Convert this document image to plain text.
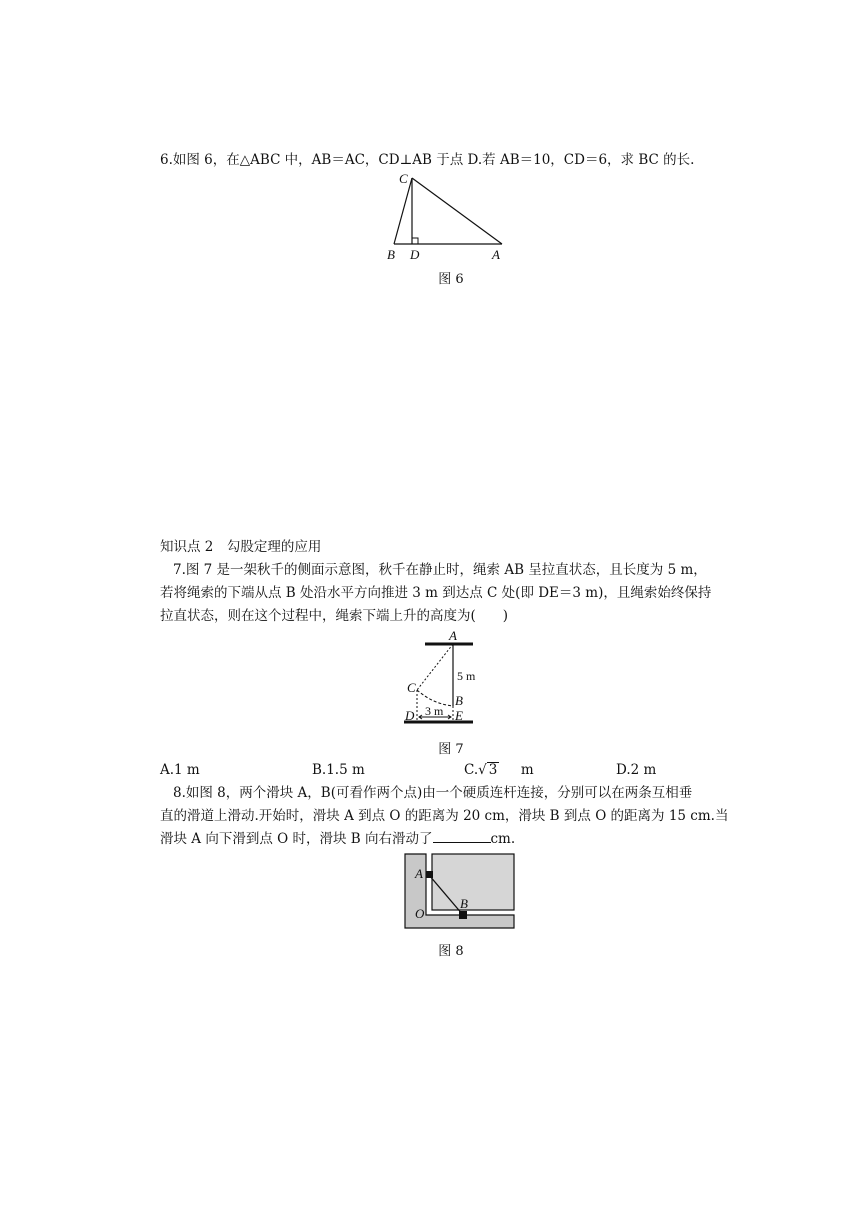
6.如图 6，在△ABC 中，AB＝AC，CD⊥AB 于点 D.若 AB＝10，CD＝6，求 BC 的长.
C
B D	A
图 6
知识点 2　勾股定理的应用
7.图 7 是一架秋千的侧面示意图，秋千在静止时，绳索 AB 呈拉直状态，且长度为 5 m，
若将绳索的下端从点 B 处沿水平方向推进 3 m 到达点 C 处(即 DE＝3 m)，且绳索始终保持
拉直状态，则在这个过程中，绳索下端上升的高度为(　　)
A
5 m
B
C
D 3 m E
图 7
A.1 m	B.1.5 m	C.√ 3 m	D.2 m
8.如图 8，两个滑块 A，B(可看作两个点)由一个硬质连杆连接，分别可以在两条互相垂
直的滑道上滑动.开始时，滑块 A 到点 O 的距离为 20 cm，滑块 B 到点 O 的距离为 15 cm.当
滑块 A 向下滑到点 O 时，滑块 B 向右滑动了	cm.
A
O
B
图 8
